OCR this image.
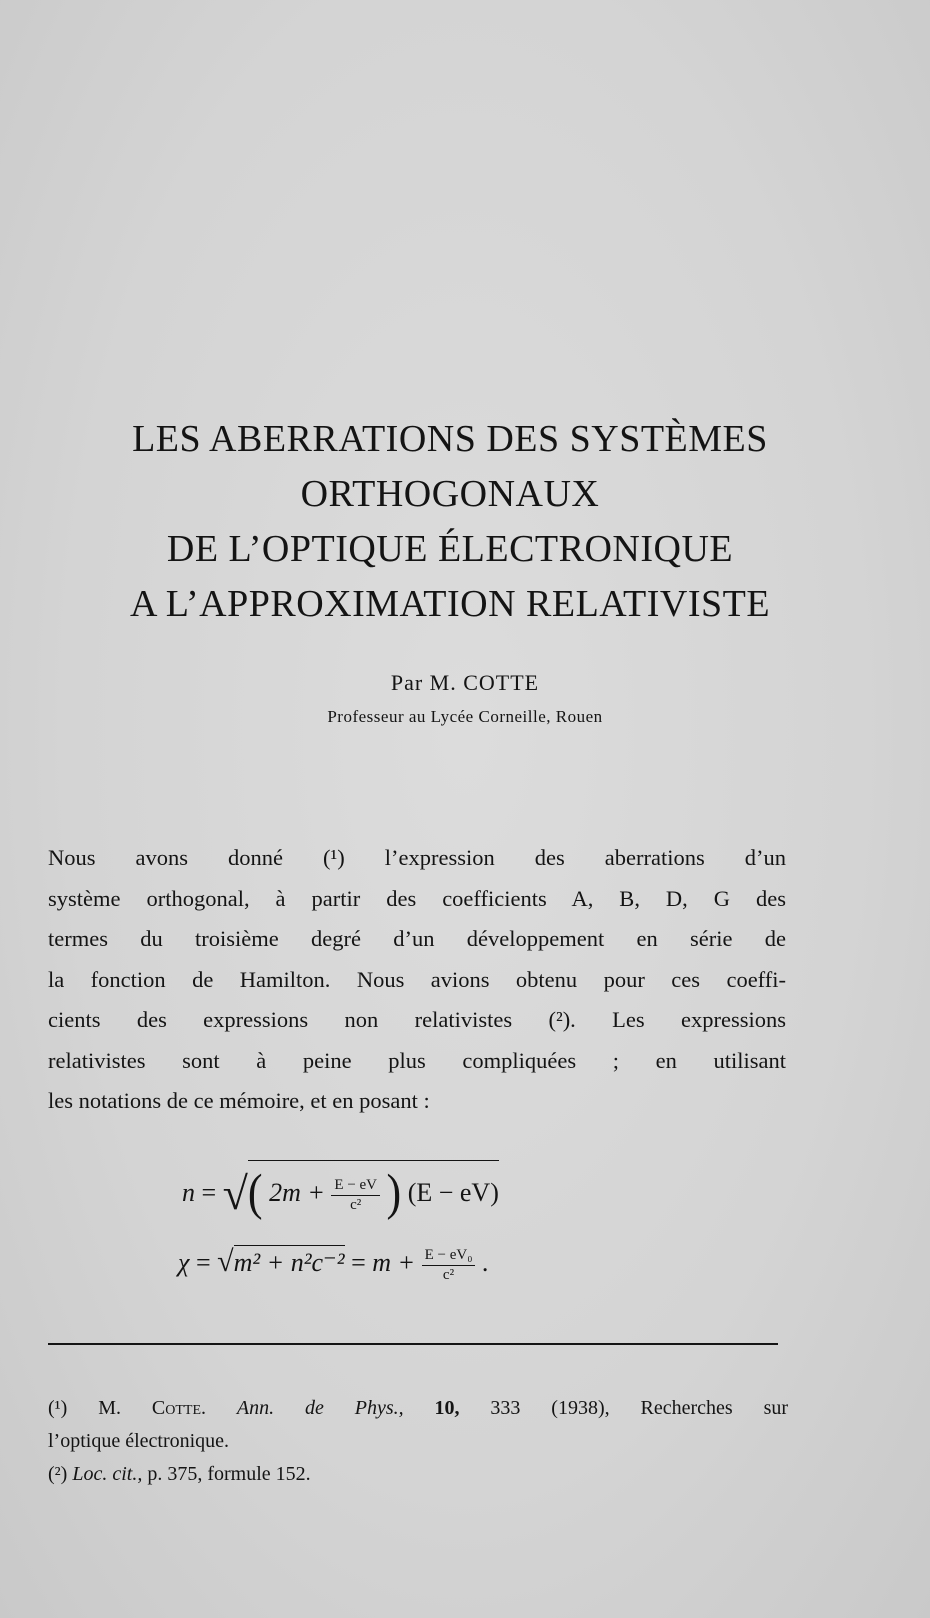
LES ABERRATIONS DES SYSTÈMES
ORTHOGONAUX
DE L’OPTIQUE ÉLECTRONIQUE
A L’APPROXIMATION RELATIVISTE
Par M. COTTE
Professeur au Lycée Corneille, Rouen

Nous avons donné (¹) l’expression des aberrations d’un
système orthogonal, à partir des coefficients A, B, D, G des
termes du troisième degré d’un développement en série de
la fonction de Hamilton. Nous avions obtenu pour ces coeffi-
cients des expressions non relativistes (²). Les expressions
relativistes sont à peine plus compliquées ; en utilisant
les notations de ce mémoire, et en posant :

n = √( $2m + \frac{E - eV}{\text{c²}}$ ) (E − eV)
$\chi = √m^2 + n^2c^{-2} = m + \frac{\text{E − eV₀}}{\text{c²}}$ .
(¹) M. Cotte. Ann. de Phys., 10, 333 (1938), Recherches sur
l’optique électronique.
(²) Loc. cit., p. 375, formule 152.
